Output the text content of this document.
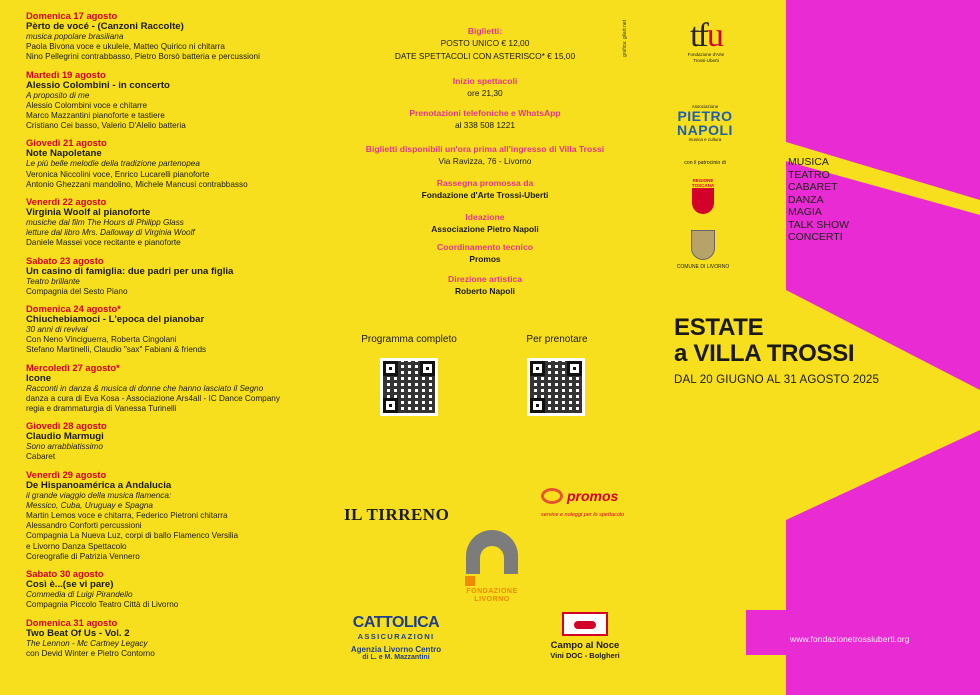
Domenica 17 agosto
Pèrto de vocé - (Canzoni Raccolte)
musica popolare brasiliana
Paola Bivona voce e ukulele, Matteo Quirico ni chitarra
Nino Pellegrini contrabbasso, Pietro Borsò batteria e percussioni
Martedì 19 agosto
Alessio Colombini - in concerto
A proposito di me
Alessio Colombini voce e chitarre
Marco Mazzantini pianoforte e tastiere
Cristiano Cei basso, Valerio D'Alelio batteria
Giovedì 21 agosto
Note Napoletane
Le più belle melodie della tradizione partenopea
Veronica Niccolini voce, Enrico Lucarelli pianoforte
Antonio Ghezzani mandolino, Michele Mancusi contrabbasso
Venerdì 22 agosto
Virginia Woolf al pianoforte
musiche dal film The Hours di Philipp Glass
letture dal libro Mrs. Dalloway di Virginia Woolf
Daniele Massei voce recitante e pianoforte
Sabato 23 agosto
Un casino di famiglia: due padri per una figlia
Teatro brillante
Compagnia del Sesto Piano
Domenica 24 agosto*
Chiuchebiamoci - L'epoca del pianobar
30 anni di revival
Con Neno Vinciguerra, Roberta Cingolani
Stefano Martinelli, Claudio "sax" Fabiani & friends
Mercoledì 27 agosto*
Icone
Racconti in danza & musica di donne che hanno lasciato il Segno
danza a cura di Eva Kosa - Associazione Ars4all - IC Dance Company
regia e drammaturgia di Vanessa Turinelli
Giovedì 28 agosto
Claudio Marmugi
Sono arrabbiatissimo
Cabaret
Venerdì 29 agosto
De Hispanoamérica a Andalucia
il grande viaggio della musica flamenca:
Messico, Cuba, Uruguay e Spagna
Martin Lemos voce e chitarra, Federico Pietroni chitarra
Alessandro Conforti percussioni
Compagnia La Nueva Luz, corpi di ballo Flamenco Versilia
e Livorno Danza Spettacolo
Coreografie di Patrizia Vennero
Sabato 30 agosto
Così è...(se vi pare)
Commedia di Luigi Pirandello
Compagnia Piccolo Teatro Città di Livorno
Domenica 31 agosto
Two Beat Of Us - Vol. 2
The Lennon - Mc Cartney Legacy
con Devid Winter e Pietro Contorno
Biglietti:
POSTO UNICO € 12,00
DATE SPETTACOLI CON ASTERISCO* € 15,00
Inizio spettacoli
ore 21,30
Prenotazioni telefoniche e WhatsApp
al 338 508 1221
Biglietti disponibili un'ora prima all'ingresso di Villa Trossi
Via Ravizza, 76 - Livorno
Rassegna promossa da
Fondazione d'Arte Trossi-Uberti
Ideazione
Associazione Pietro Napoli
Coordinamento tecnico
Promos
Direzione artistica
Roberto Napoli
grafica: gliart.net
Programma completo	Per prenotare
IL TIRRENO
promos
service e noleggi per lo spettacolo
FONDAZIONE
LIVORNO
CATTOLICA
ASSICURAZIONI
Agenzia Livorno Centro
di L. e M. Mazzantini
Campo al Noce
Vini DOC - Bolgheri
tfu
Fondazione d'Arte
Trossi-Uberti
Associazione
PIETRO
NAPOLI
musica e cultura
con il patrocinio di
REGIONE
TOSCANA
COMUNE DI LIVORNO
MUSICA
TEATRO
CABARET
DANZA
MAGIA
TALK SHOW
CONCERTI
ESTATE
a VILLA TROSSI
DAL 20 GIUGNO AL 31 AGOSTO 2025
www.fondazionetrossiuberti.org
